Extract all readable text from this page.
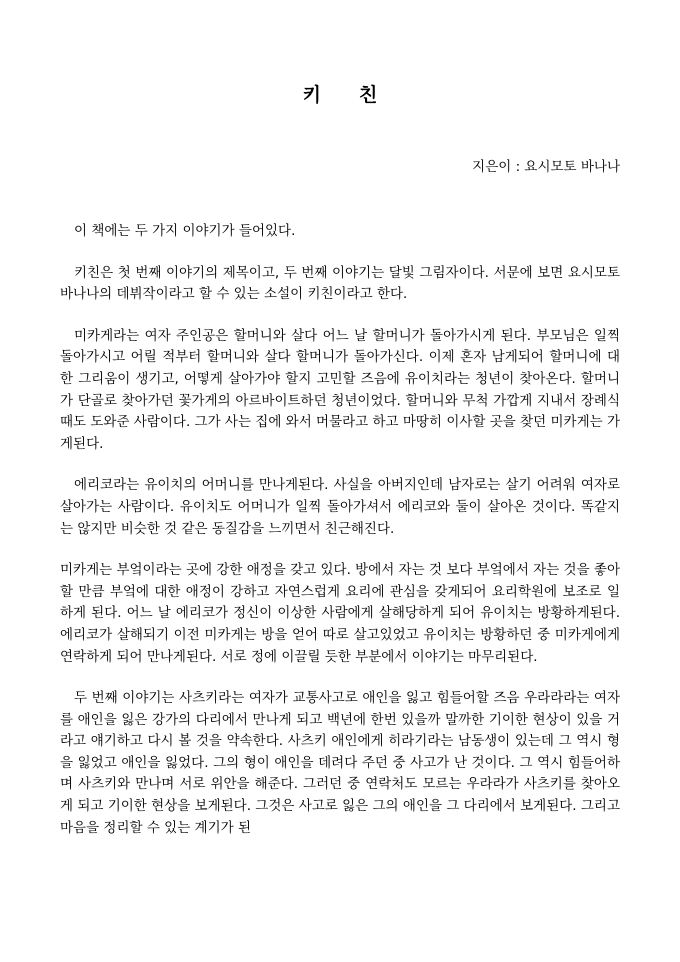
키 친

지은이 : 요시모토 바나나

이 책에는 두 가지 이야기가 들어있다.

키친은 첫 번째 이야기의 제목이고, 두 번째 이야기는 달빛 그림자이다. 서문에 보면 요시모토 바나나의 데뷔작이라고 할 수 있는 소설이 키친이라고 한다.

미카게라는 여자 주인공은 할머니와 살다 어느 날 할머니가 돌아가시게 된다. 부모님은 일찍 돌아가시고 어릴 적부터 할머니와 살다 할머니가 돌아가신다. 이제 혼자 남게되어 할머니에 대한 그리움이 생기고, 어떻게 살아가야 할지 고민할 즈음에 유이치라는 청년이 찾아온다. 할머니가 단골로 찾아가던 꽃가게의 아르바이트하던 청년이었다. 할머니와 무척 가깝게 지내서 장례식 때도 도와준 사람이다. 그가 사는 집에 와서 머물라고 하고 마땅히 이사할 곳을 찾던 미카게는 가게된다.

에리코라는 유이치의 어머니를 만나게된다. 사실을 아버지인데 남자로는 살기 어려워 여자로 살아가는 사람이다. 유이치도 어머니가 일찍 돌아가셔서 에리코와 둘이 살아온 것이다. 똑같지는 않지만 비슷한 것 같은 동질감을 느끼면서 친근해진다.

미카게는 부엌이라는 곳에 강한 애정을 갖고 있다. 방에서 자는 것 보다 부엌에서 자는 것을 좋아할 만큼 부엌에 대한 애정이 강하고 자연스럽게 요리에 관심을 갖게되어 요리학원에 보조로 일하게 된다. 어느 날 에리코가 정신이 이상한 사람에게 살해당하게 되어 유이치는 방황하게된다. 에리코가 살해되기 이전 미카게는 방을 얻어 따로 살고있었고 유이치는 방황하던 중 미카게에게 연락하게 되어 만나게된다. 서로 정에 이끌릴 듯한 부분에서 이야기는 마무리된다.

두 번째 이야기는 사츠키라는 여자가 교통사고로 애인을 잃고 힘들어할 즈음 우라라라는 여자를 애인을 잃은 강가의 다리에서 만나게 되고 백년에 한번 있을까 말까한 기이한 현상이 있을 거라고 얘기하고 다시 볼 것을 약속한다. 사츠키 애인에게 히라기라는 남동생이 있는데 그 역시 형을 잃었고 애인을 잃었다. 그의 형이 애인을 데려다 주던 중 사고가 난 것이다. 그 역시 힘들어하며 사츠키와 만나며 서로 위안을 해준다. 그러던 중 연락처도 모르는 우라라가 사츠키를 찾아오게 되고 기이한 현상을 보게된다. 그것은 사고로 잃은 그의 애인을 그 다리에서 보게된다. 그리고 마음을 정리할 수 있는 계기가 된
